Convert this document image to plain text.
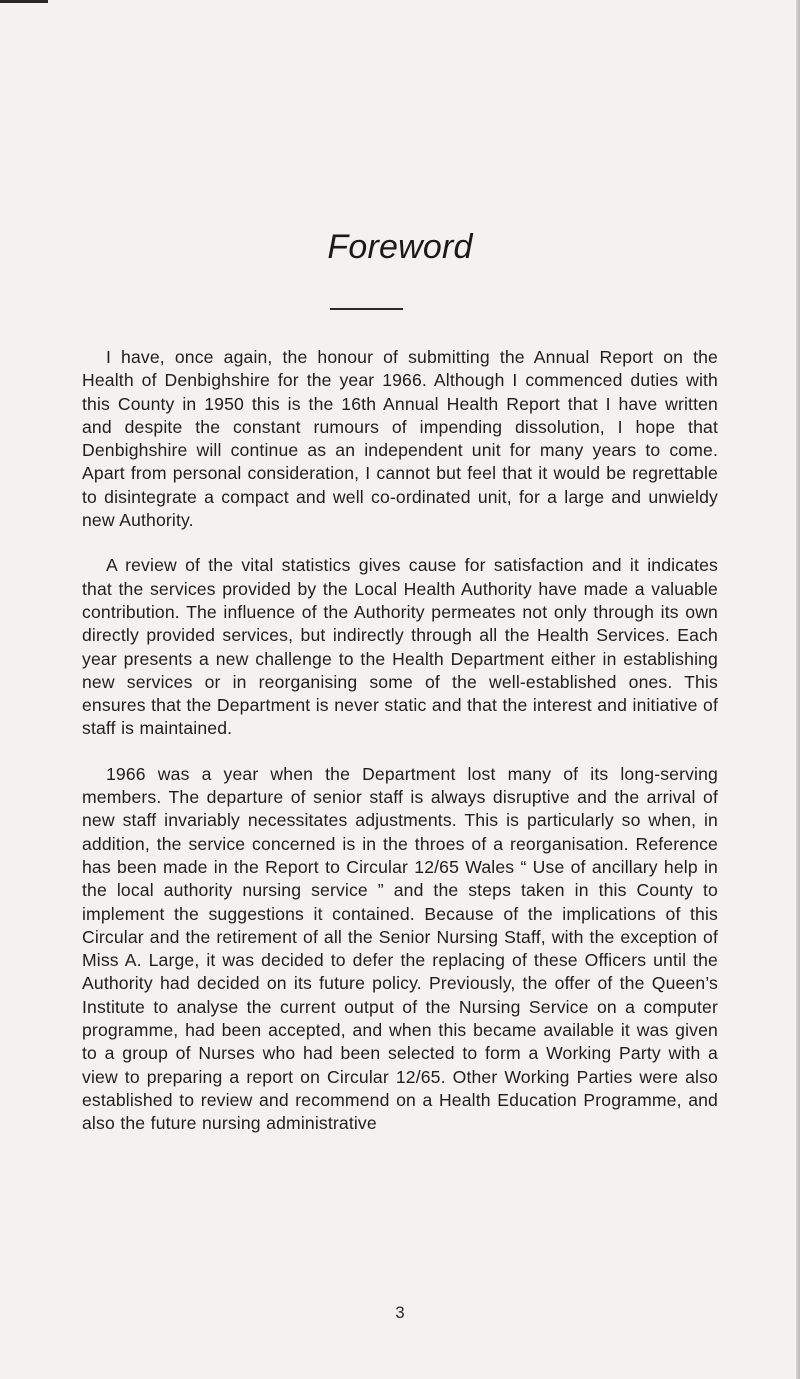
Foreword

I have, once again, the honour of submitting the Annual Report on the Health of Denbighshire for the year 1966. Although I commenced duties with this County in 1950 this is the 16th Annual Health Report that I have written and despite the constant rumours of impending dissolution, I hope that Denbighshire will continue as an independent unit for many years to come. Apart from personal consideration, I cannot but feel that it would be regrettable to disintegrate a compact and well co-ordinated unit, for a large and unwieldy new Authority.

A review of the vital statistics gives cause for satisfaction and it indicates that the services provided by the Local Health Authority have made a valuable contribution. The influence of the Authority permeates not only through its own directly provided services, but indirectly through all the Health Services. Each year presents a new challenge to the Health Department either in establishing new services or in reorganising some of the well-established ones. This ensures that the Department is never static and that the interest and initiative of staff is maintained.

1966 was a year when the Department lost many of its long-serving members. The departure of senior staff is always disruptive and the arrival of new staff invariably necessitates adjustments. This is particularly so when, in addition, the service concerned is in the throes of a reorganisation. Reference has been made in the Report to Circular 12/65 Wales “ Use of ancillary help in the local authority nursing service ” and the steps taken in this County to implement the suggestions it contained. Because of the implications of this Circular and the retirement of all the Senior Nursing Staff, with the exception of Miss A. Large, it was decided to defer the replacing of these Officers until the Authority had decided on its future policy. Previously, the offer of the Queen’s Institute to analyse the current output of the Nursing Service on a computer programme, had been accepted, and when this became available it was given to a group of Nurses who had been selected to form a Working Party with a view to preparing a report on Circular 12/65. Other Working Parties were also established to review and recommend on a Health Education Programme, and also the future nursing administrative

3
